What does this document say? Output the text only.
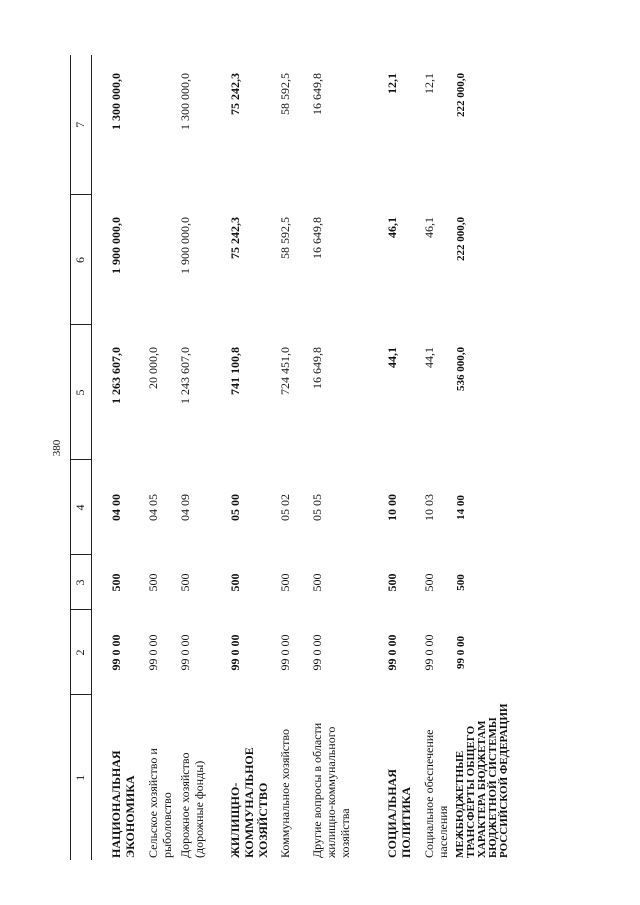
380
1	2	3	4	5	6	7
НАЦИОНАЛЬНАЯ ЭКОНОМИКА	99 0 00	500	04 00	1 263 607,0	1 900 000,0	1 300 000,0
Сельское хозяйство и рыболовство	99 0 00	500	04 05	20 000,0		
Дорожное хозяйство (дорожные фонды)	99 0 00	500	04 09	1 243 607,0	1 900 000,0	1 300 000,0
ЖИЛИЩНО-КОММУНАЛЬНОЕ ХОЗЯЙСТВО	99 0 00	500	05 00	741 100,8	75 242,3	75 242,3
Коммунальное хозяйство	99 0 00	500	05 02	724 451,0	58 592,5	58 592,5
Другие вопросы в области жилищно-коммунального хозяйства	99 0 00	500	05 05	16 649,8	16 649,8	16 649,8
СОЦИАЛЬНАЯ ПОЛИТИКА	99 0 00	500	10 00	44,1	46,1	12,1
Социальное обеспечение населения	99 0 00	500	10 03	44,1	46,1	12,1
МЕЖБЮДЖЕТНЫЕ ТРАНСФЕРТЫ ОБЩЕГО ХАРАКТЕРА БЮДЖЕТАМ БЮДЖЕТНОЙ СИСТЕМЫ РОССИЙСКОЙ ФЕДЕРАЦИИ	99 0 00	500	14 00	536 000,0	222 000,0	222 000,0
